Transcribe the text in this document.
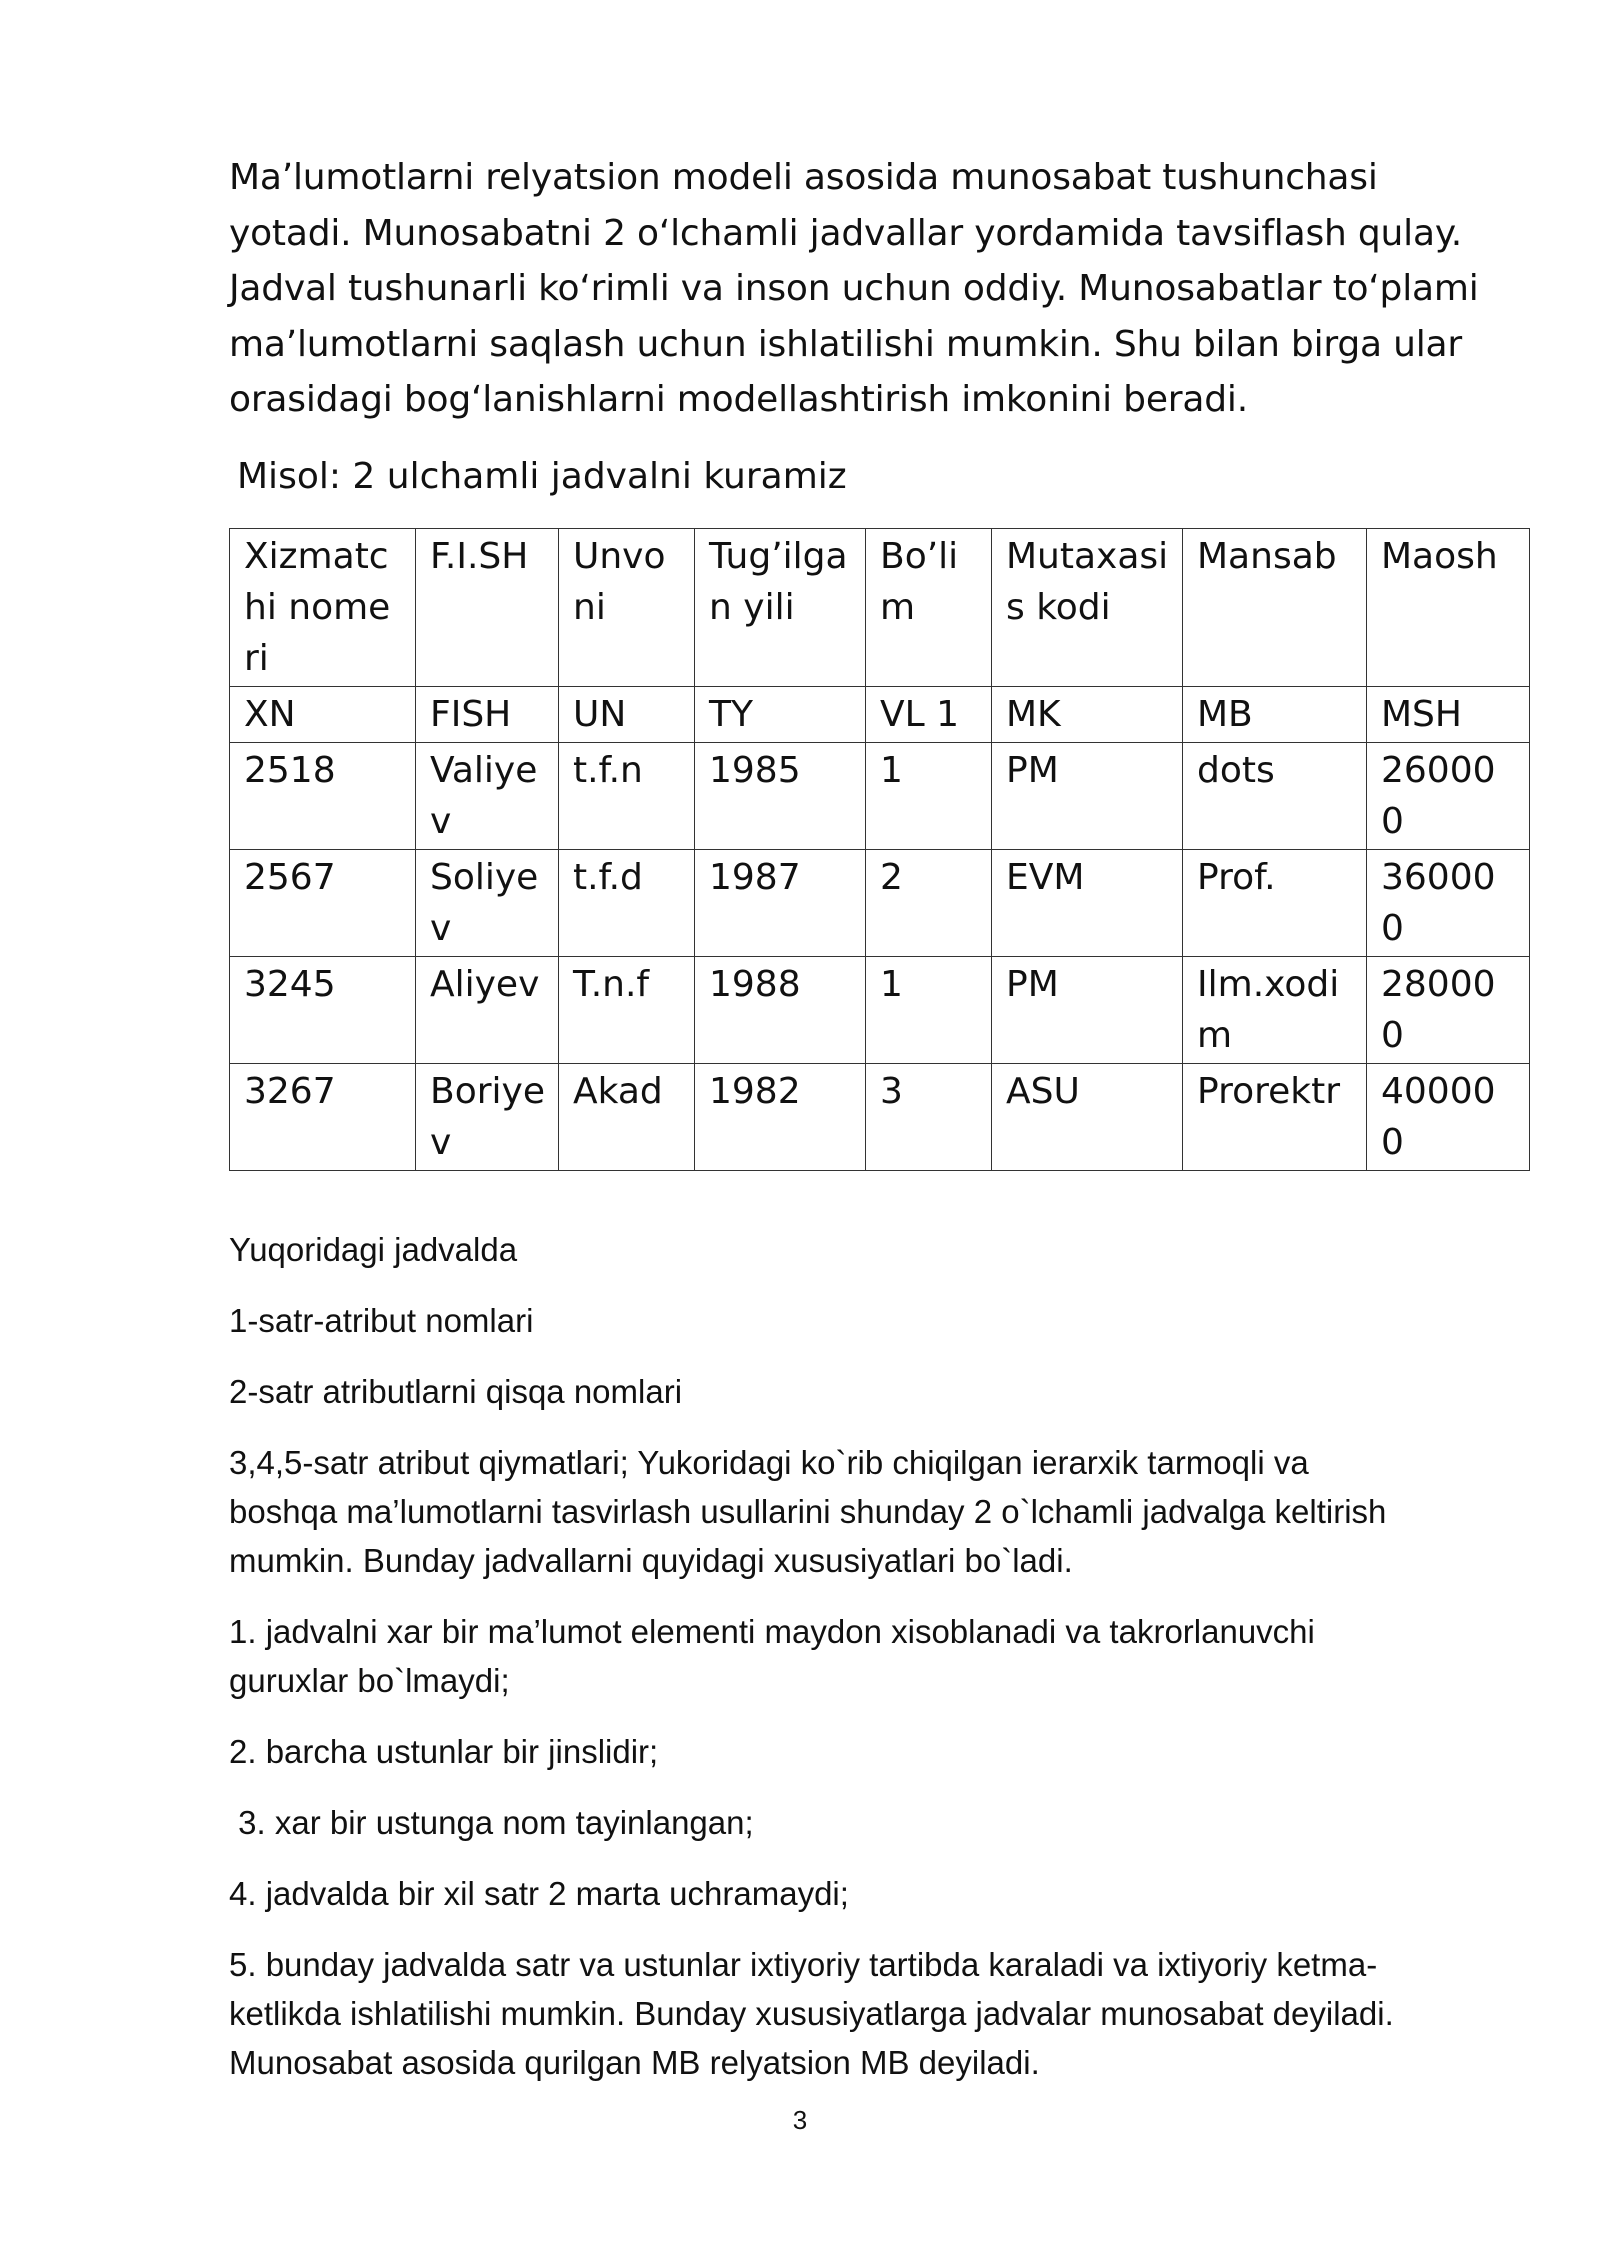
Ma’lumotlarni relyatsion modeli asosida munosabat tushunchasi
yotadi. Munosabatni 2 o‘lchamli jadvallar yordamida tavsiflash qulay.
Jadval tushunarli ko‘rimli va inson uchun oddiy. Munosabatlar to‘plami
ma’lumotlarni saqlash uchun ishlatilishi mumkin. Shu bilan birga ular
orasidagi bog‘lanishlarni modellashtirish imkonini beradi.

Misol: 2 ulchamli jadvalni kuramiz

Xizmatchi nomeri	F.I.SH	Unvoni	Tug’ilgan yili	Bo’lim	Mutaxasis kodi	Mansab	Maosh
XN	FISH	UN	TY	VL 1	MK	MB	MSH
2518	Valiyev	t.f.n	1985	1	PM	dots	260000
2567	Soliyev	t.f.d	1987	2	EVM	Prof.	360000
3245	Aliyev	T.n.f	1988	1	PM	Ilm.xodim	280000
3267	Boriyev	Akad	1982	3	ASU	Prorektr	400000

Yuqoridagi jadvalda

1-satr-atribut nomlari

2-satr atributlarni qisqa nomlari

3,4,5-satr atribut qiymatlari; Yukoridagi ko`rib chiqilgan ierarxik tarmoqli va
boshqa ma’lumotlarni tasvirlash usullarini shunday 2 o`lchamli jadvalga keltirish
mumkin. Bunday jadvallarni quyidagi xususiyatlari bo`ladi.

1. jadvalni xar bir ma’lumot elementi maydon xisoblanadi va takrorlanuvchi
guruxlar bo`lmaydi;

2. barcha ustunlar bir jinslidir;

3. xar bir ustunga nom tayinlangan;

4. jadvalda bir xil satr 2 marta uchramaydi;

5. bunday jadvalda satr va ustunlar ixtiyoriy tartibda karaladi va ixtiyoriy ketma-
ketlikda ishlatilishi mumkin. Bunday xususiyatlarga jadvalar munosabat deyiladi.
Munosabat asosida qurilgan MB relyatsion MB deyiladi.

3
